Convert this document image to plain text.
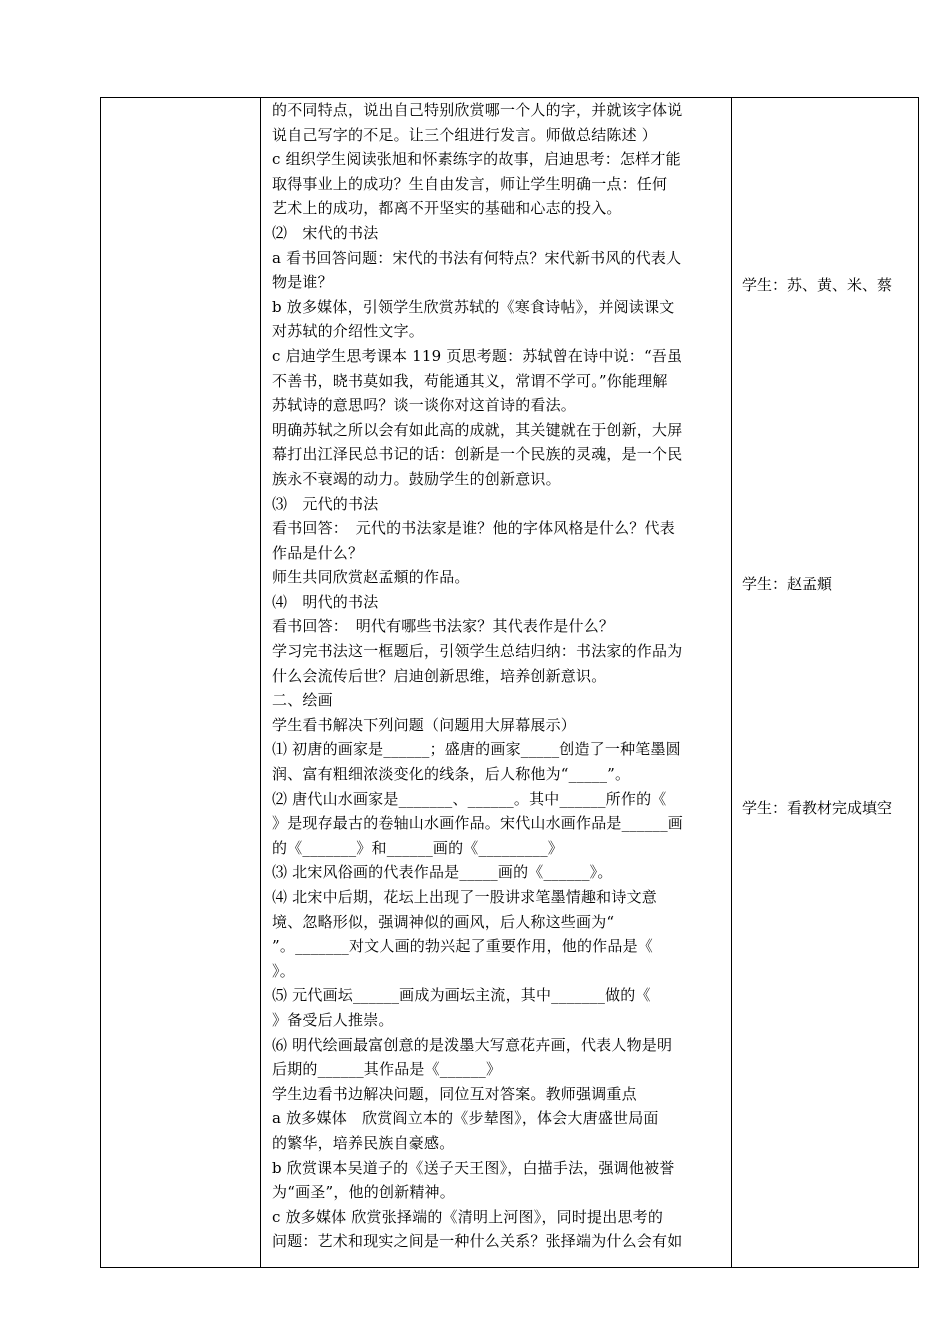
的不同特点，说出自己特别欣赏哪一个人的字，并就该字体说
说自己写字的不足。让三个组进行发言。师做总结陈述 ）
c 组织学生阅读张旭和怀素练字的故事，启迪思考：怎样才能
取得事业上的成功？生自由发言，师让学生明确一点：任何
艺术上的成功，都离不开坚实的基础和心志的投入。
⑵　宋代的书法
a 看书回答问题：宋代的书法有何特点？宋代新书风的代表人
物是谁？
b 放多媒体，引领学生欣赏苏轼的《寒食诗帖》，并阅读课文
对苏轼的介绍性文字。
c 启迪学生思考课本 119 页思考题：苏轼曾在诗中说：“吾虽
不善书，晓书莫如我，苟能通其义，常谓不学可。”你能理解
苏轼诗的意思吗？谈一谈你对这首诗的看法。
明确苏轼之所以会有如此高的成就，其关键就在于创新，大屏
幕打出江泽民总书记的话：创新是一个民族的灵魂，是一个民
族永不衰竭的动力。鼓励学生的创新意识。
⑶　元代的书法
看书回答：　元代的书法家是谁？他的字体风格是什么？代表
作品是什么？
师生共同欣赏赵孟頫的作品。
⑷　明代的书法
看书回答：　明代有哪些书法家？其代表作是什么？
学习完书法这一框题后，引领学生总结归纳：书法家的作品为
什么会流传后世？启迪创新思维，培养创新意识。
二、绘画
学生看书解决下列问题（问题用大屏幕展示）
⑴ 初唐的画家是______；盛唐的画家_____创造了一种笔墨圆
润、富有粗细浓淡变化的线条，后人称他为“_____”。
⑵ 唐代山水画家是_______、______。其中______所作的《
》是现存最古的卷轴山水画作品。宋代山水画作品是______画
的《_______》和______画的《_________》
⑶ 北宋风俗画的代表作品是_____画的《______》。
⑷ 北宋中后期，花坛上出现了一股讲求笔墨情趣和诗文意
境、忽略形似，强调神似的画风，后人称这些画为“
”。_______对文人画的勃兴起了重要作用，他的作品是《
》。
⑸ 元代画坛______画成为画坛主流，其中_______做的《
》备受后人推崇。
⑹ 明代绘画最富创意的是泼墨大写意花卉画，代表人物是明
后期的______其作品是《______》
学生边看书边解决问题，同位互对答案。教师强调重点
a 放多媒体　欣赏阎立本的《步辇图》，体会大唐盛世局面
的繁华，培养民族自豪感。
b 欣赏课本吴道子的《送子天王图》，白描手法，强调他被誉
为“画圣”，他的创新精神。
c 放多媒体 欣赏张择端的《清明上河图》，同时提出思考的
问题：艺术和现实之间是一种什么关系？张择端为什么会有如
学生：苏、黄、米、蔡
学生：赵孟頫
学生：看教材完成填空
